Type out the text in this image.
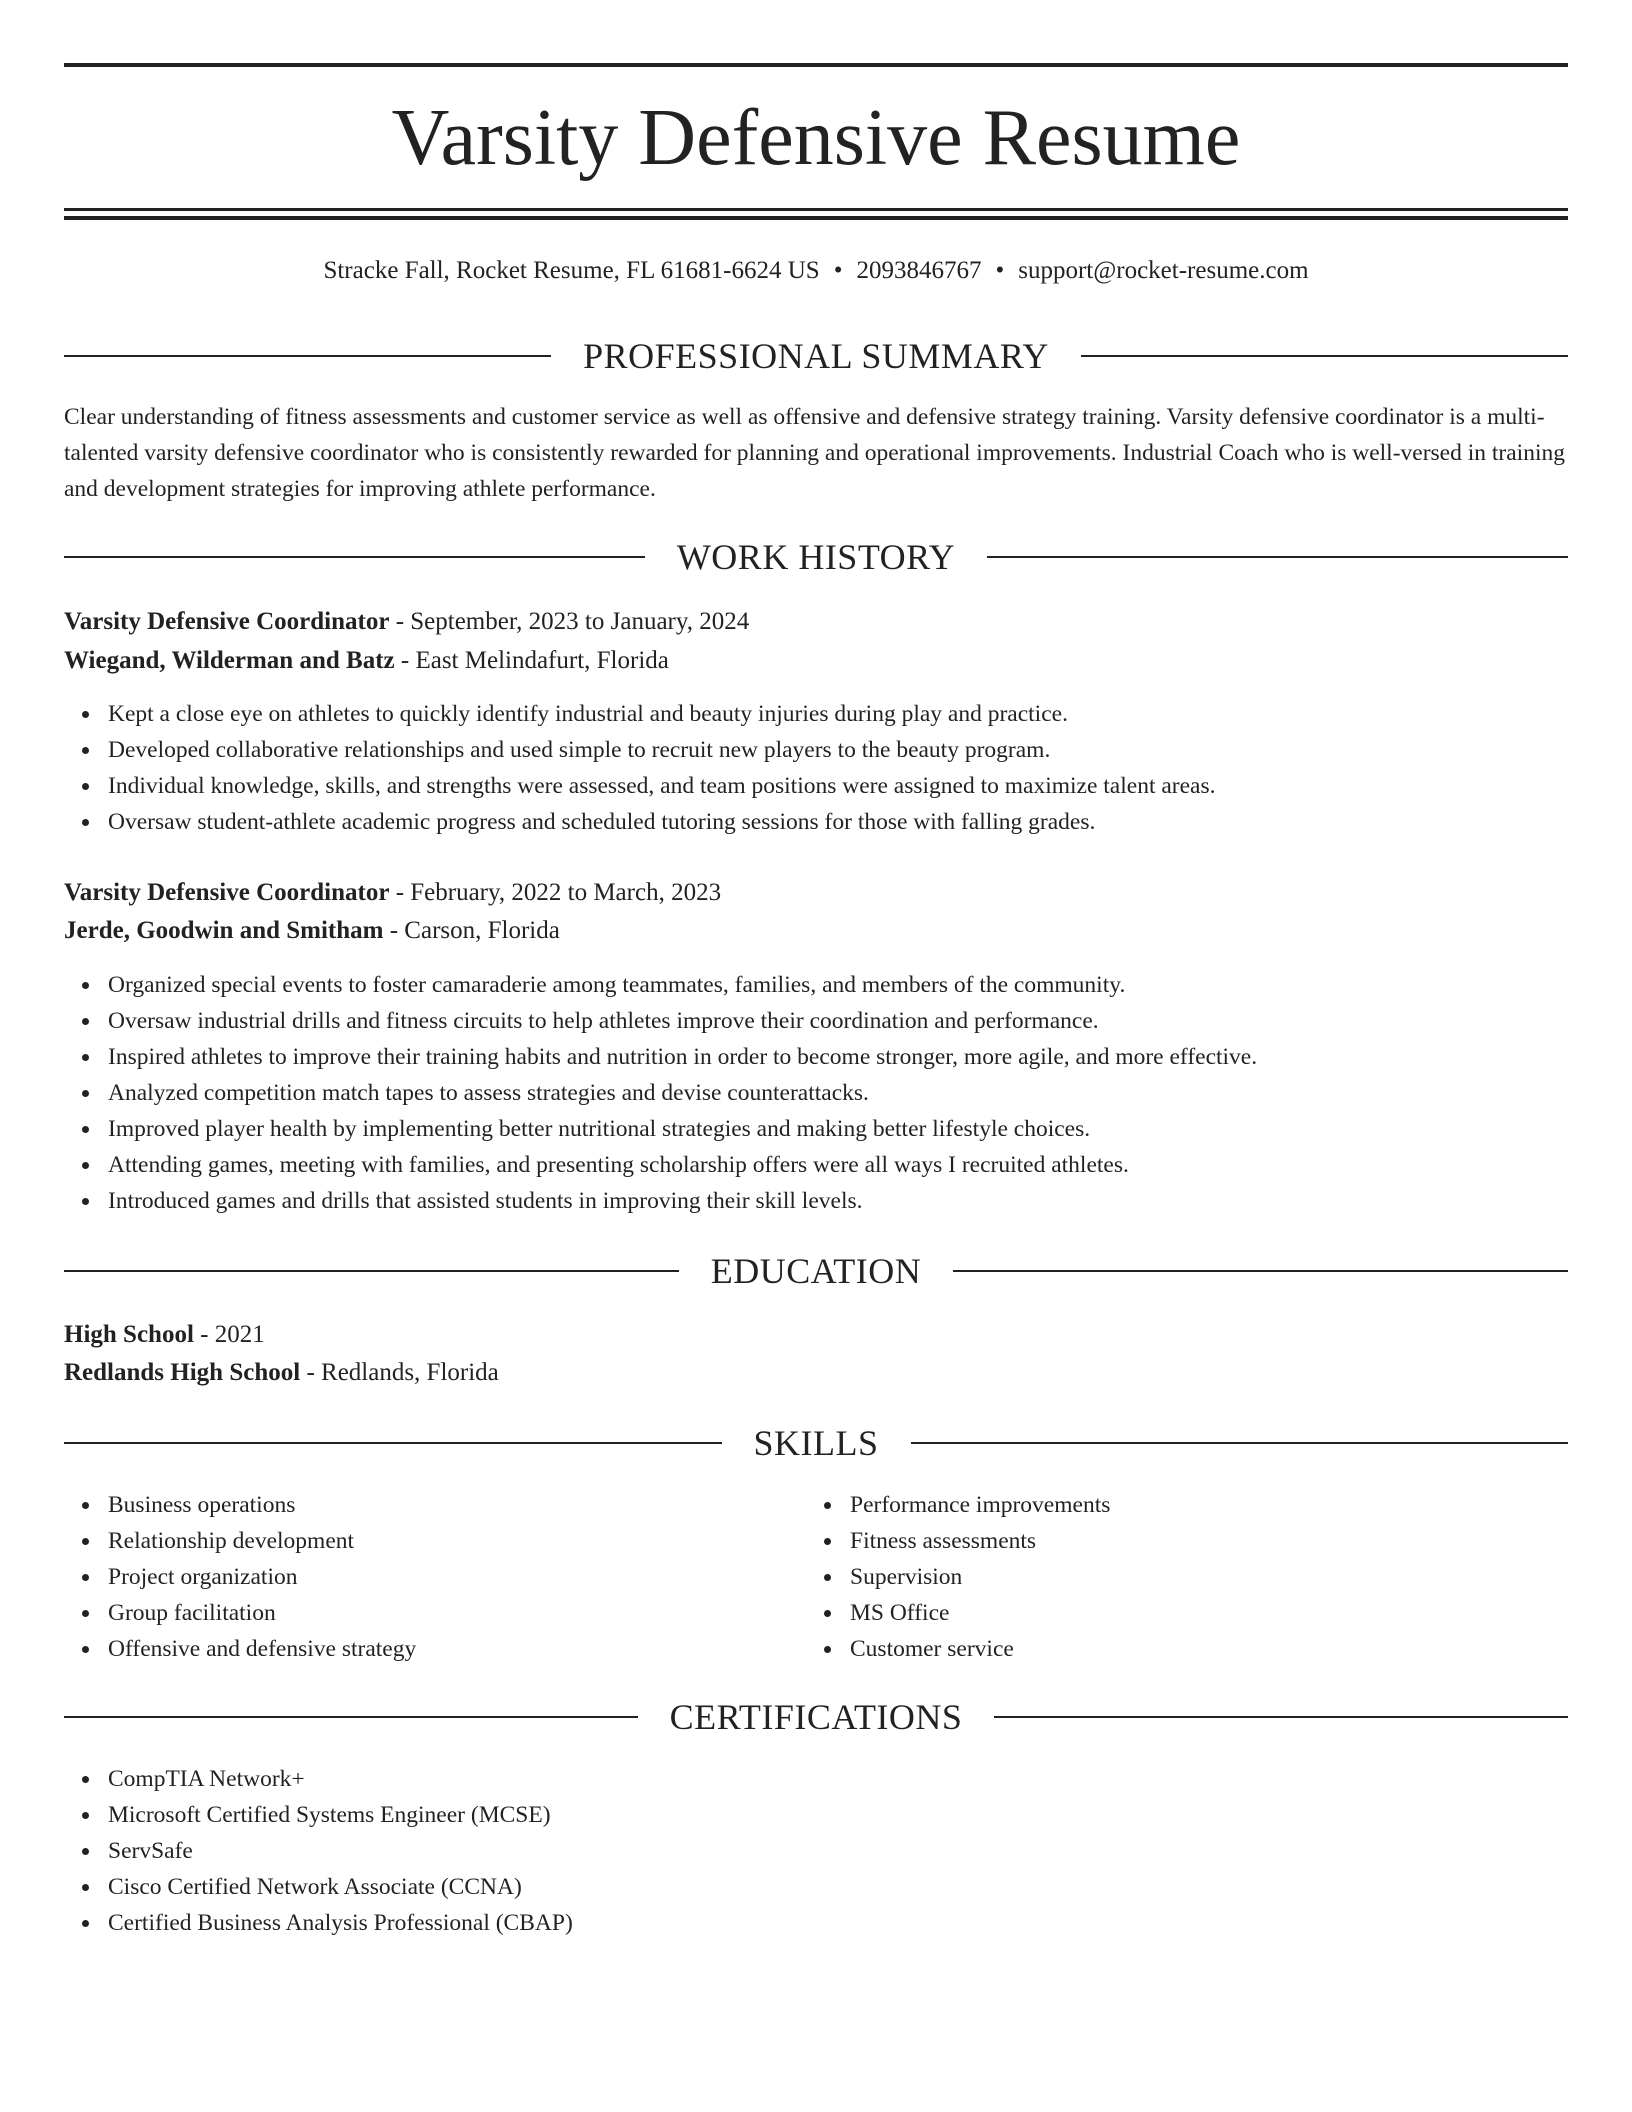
Varsity Defensive Resume
Stracke Fall, Rocket Resume, FL 61681-6624 US • 2093846767 • support@rocket-resume.com
PROFESSIONAL SUMMARY

Clear understanding of fitness assessments and customer service as well as offensive and defensive strategy training. Varsity defensive coordinator is a multi-talented varsity defensive coordinator who is consistently rewarded for planning and operational improvements. Industrial Coach who is well-versed in training and development strategies for improving athlete performance.

WORK HISTORY
Varsity Defensive Coordinator - September, 2023 to January, 2024
Wiegand, Wilderman and Batz - East Melindafurt, Florida
Kept a close eye on athletes to quickly identify industrial and beauty injuries during play and practice.
Developed collaborative relationships and used simple to recruit new players to the beauty program.
Individual knowledge, skills, and strengths were assessed, and team positions were assigned to maximize talent areas.
Oversaw student-athlete academic progress and scheduled tutoring sessions for those with falling grades.
Varsity Defensive Coordinator - February, 2022 to March, 2023
Jerde, Goodwin and Smitham - Carson, Florida
Organized special events to foster camaraderie among teammates, families, and members of the community.
Oversaw industrial drills and fitness circuits to help athletes improve their coordination and performance.
Inspired athletes to improve their training habits and nutrition in order to become stronger, more agile, and more effective.
Analyzed competition match tapes to assess strategies and devise counterattacks.
Improved player health by implementing better nutritional strategies and making better lifestyle choices.
Attending games, meeting with families, and presenting scholarship offers were all ways I recruited athletes.
Introduced games and drills that assisted students in improving their skill levels.
EDUCATION
High School - 2021
Redlands High School - Redlands, Florida
SKILLS
Business operations
Relationship development
Project organization
Group facilitation
Offensive and defensive strategy
Performance improvements
Fitness assessments
Supervision
MS Office
Customer service
CERTIFICATIONS
CompTIA Network+
Microsoft Certified Systems Engineer (MCSE)
ServSafe
Cisco Certified Network Associate (CCNA)
Certified Business Analysis Professional (CBAP)
